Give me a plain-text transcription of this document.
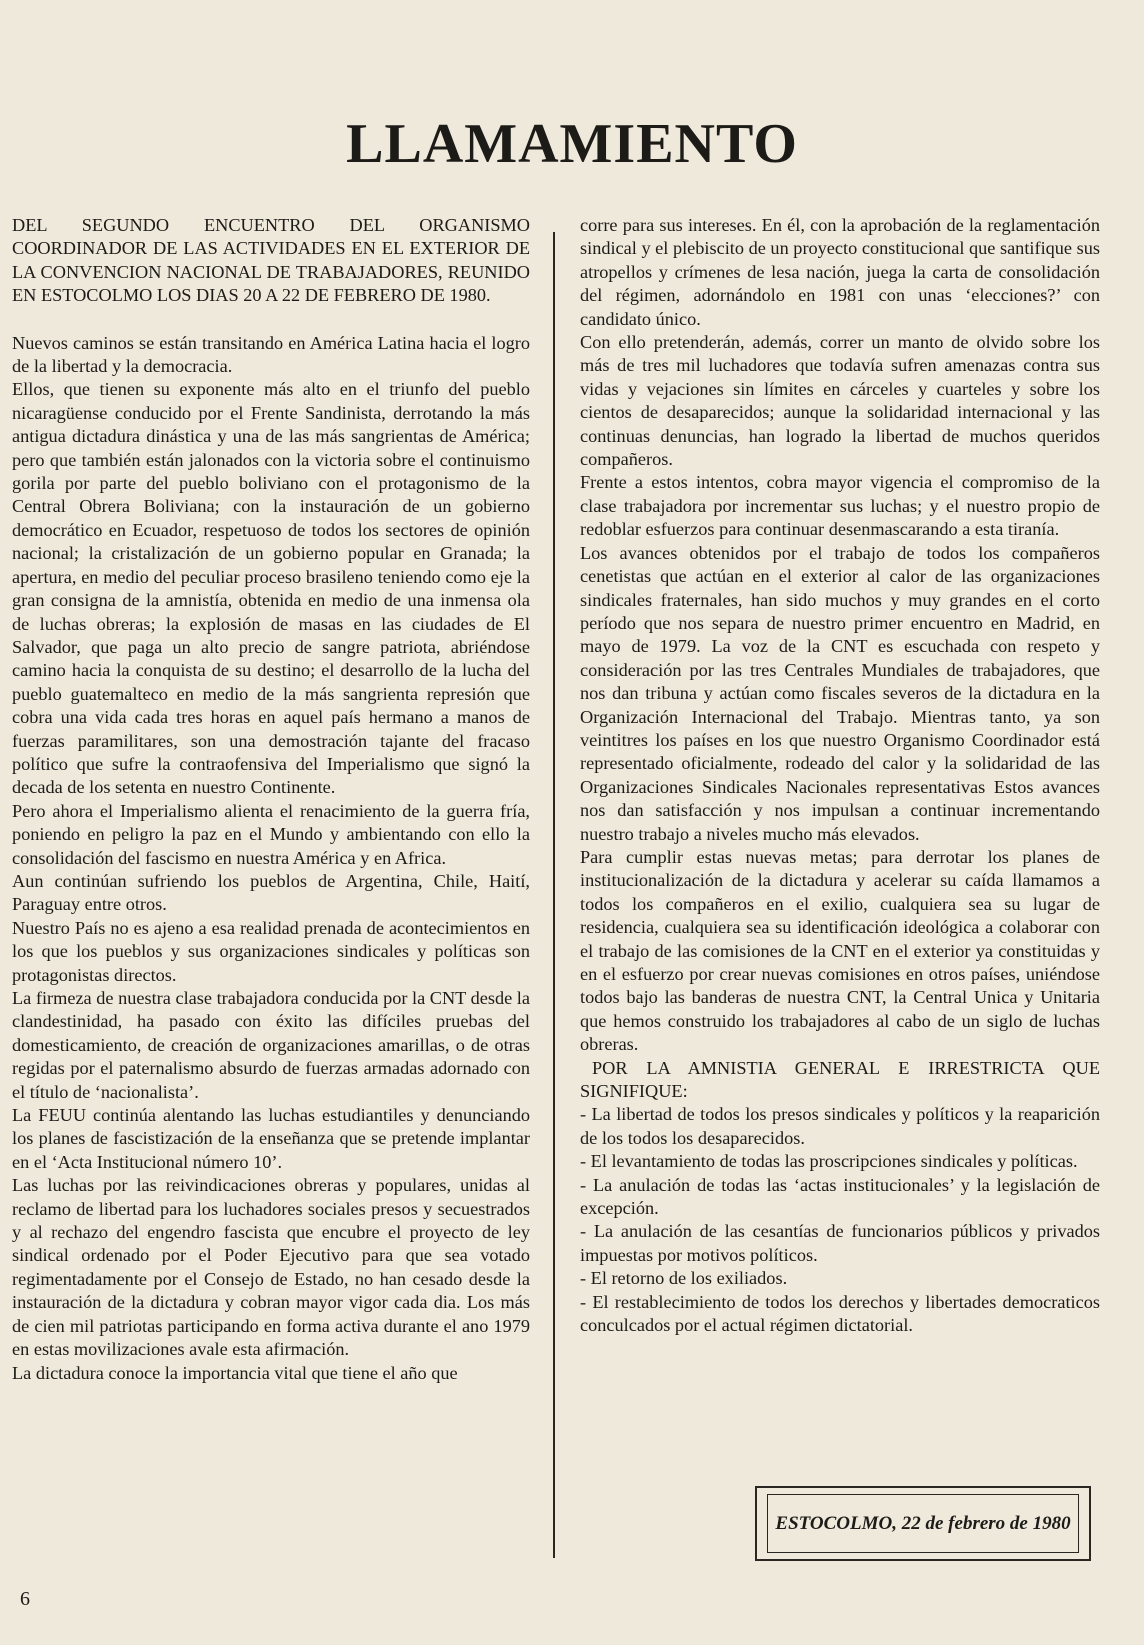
LLAMAMIENTO

DEL SEGUNDO ENCUENTRO DEL ORGANISMO COORDINADOR DE LAS ACTIVIDADES EN EL EXTERIOR DE LA CONVENCION NACIONAL DE TRABAJADORES, REUNIDO EN ESTOCOLMO LOS DIAS 20 A 22 DE FEBRERO DE 1980.

Nuevos caminos se están transitando en América Latina hacia el logro de la libertad y la democracia.

Ellos, que tienen su exponente más alto en el triunfo del pueblo nicaragüense conducido por el Frente Sandinista, derrotando la más antigua dictadura dinástica y una de las más sangrientas de América; pero que también están jalonados con la victoria sobre el continuismo gorila por parte del pueblo boliviano con el protagonismo de la Central Obrera Boliviana; con la instauración de un gobierno democrático en Ecuador, respetuoso de todos los sectores de opinión nacional; la cristalización de un gobierno popular en Granada; la apertura, en medio del peculiar proceso brasileno teniendo como eje la gran consigna de la amnistía, obtenida en medio de una inmensa ola de luchas obreras; la explosión de masas en las ciudades de El Salvador, que paga un alto precio de sangre patriota, abriéndose camino hacia la conquista de su destino; el desarrollo de la lucha del pueblo guatemalteco en medio de la más sangrienta represión que cobra una vida cada tres horas en aquel país hermano a manos de fuerzas paramilitares, son una demostración tajante del fracaso político que sufre la contraofensiva del Imperialismo que signó la decada de los setenta en nuestro Continente.

Pero ahora el Imperialismo alienta el renacimiento de la guerra fría, poniendo en peligro la paz en el Mundo y ambientando con ello la consolidación del fascismo en nuestra América y en Africa.

Aun continúan sufriendo los pueblos de Argentina, Chile, Haití, Paraguay entre otros.

Nuestro País no es ajeno a esa realidad prenada de acontecimientos en los que los pueblos y sus organizaciones sindicales y políticas son protagonistas directos.

La firmeza de nuestra clase trabajadora conducida por la CNT desde la clandestinidad, ha pasado con éxito las difíciles pruebas del domesticamiento, de creación de organizaciones amarillas, o de otras regidas por el paternalismo absurdo de fuerzas armadas adornado con el título de ‘nacionalista’.

La FEUU continúa alentando las luchas estudiantiles y denunciando los planes de fascistización de la enseñanza que se pretende implantar en el ‘Acta Institucional número 10’.

Las luchas por las reivindicaciones obreras y populares, unidas al reclamo de libertad para los luchadores sociales presos y secuestrados y al rechazo del engendro fascista que encubre el proyecto de ley sindical ordenado por el Poder Ejecutivo para que sea votado regimentadamente por el Consejo de Estado, no han cesado desde la instauración de la dictadura y cobran mayor vigor cada dia. Los más de cien mil patriotas participando en forma activa durante el ano 1979 en estas movilizaciones avale esta afirmación.

La dictadura conoce la importancia vital que tiene el año que

corre para sus intereses. En él, con la aprobación de la reglamentación sindical y el plebiscito de un proyecto constitucional que santifique sus atropellos y crímenes de lesa nación, juega la carta de consolidación del régimen, adornándolo en 1981 con unas ‘elecciones?’ con candidato único.

Con ello pretenderán, además, correr un manto de olvido sobre los más de tres mil luchadores que todavía sufren amenazas contra sus vidas y vejaciones sin límites en cárceles y cuarteles y sobre los cientos de desaparecidos; aunque la solidaridad internacional y las continuas denuncias, han logrado la libertad de muchos queridos compañeros.

Frente a estos intentos, cobra mayor vigencia el compromiso de la clase trabajadora por incrementar sus luchas; y el nuestro propio de redoblar esfuerzos para continuar desenmascarando a esta tiranía.

Los avances obtenidos por el trabajo de todos los compañeros cenetistas que actúan en el exterior al calor de las organizaciones sindicales fraternales, han sido muchos y muy grandes en el corto período que nos separa de nuestro primer encuentro en Madrid, en mayo de 1979. La voz de la CNT es escuchada con respeto y consideración por las tres Centrales Mundiales de trabajadores, que nos dan tribuna y actúan como fiscales severos de la dictadura en la Organización Internacional del Trabajo. Mientras tanto, ya son veintitres los países en los que nuestro Organismo Coordinador está representado oficialmente, rodeado del calor y la solidaridad de las Organizaciones Sindicales Nacionales representativas Estos avances nos dan satisfacción y nos impulsan a continuar incrementando nuestro trabajo a niveles mucho más elevados.

Para cumplir estas nuevas metas; para derrotar los planes de institucionalización de la dictadura y acelerar su caída llamamos a todos los compañeros en el exilio, cualquiera sea su lugar de residencia, cualquiera sea su identificación ideológica a colaborar con el trabajo de las comisiones de la CNT en el exterior ya constituidas y en el esfuerzo por crear nuevas comisiones en otros países, uniéndose todos bajo las banderas de nuestra CNT, la Central Unica y Unitaria que hemos construido los trabajadores al cabo de un siglo de luchas obreras.

POR LA AMNISTIA GENERAL E IRRESTRICTA QUE SIGNIFIQUE:

- La libertad de todos los presos sindicales y políticos y la reaparición de los todos los desaparecidos.
- El levantamiento de todas las proscripciones sindicales y políticas.
- La anulación de todas las ‘actas institucionales’ y la legislación de excepción.
- La anulación de las cesantías de funcionarios públicos y privados impuestas por motivos políticos.
- El retorno de los exiliados.
- El restablecimiento de todos los derechos y libertades democraticos conculcados por el actual régimen dictatorial.
ESTOCOLMO, 22 de febrero de 1980
6
